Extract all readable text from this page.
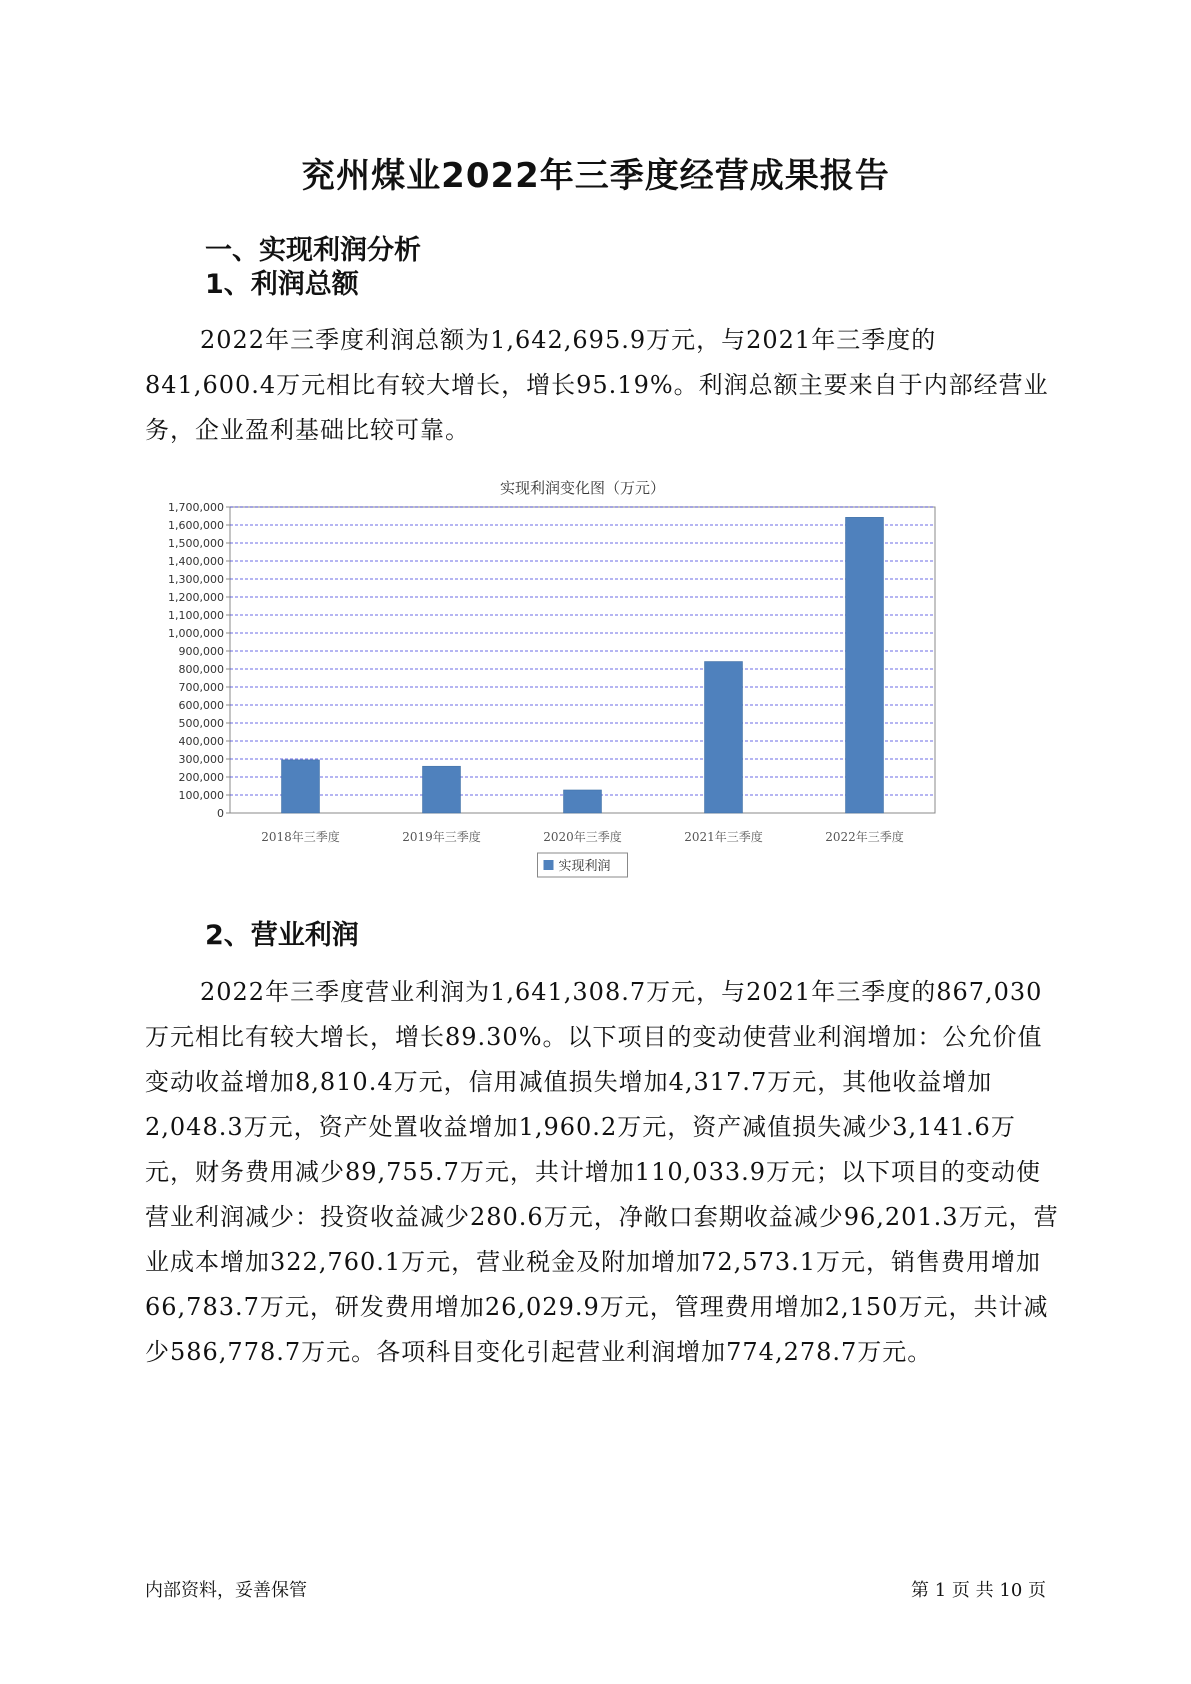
兖州煤业2022年三季度经营成果报告
一、实现利润分析
1、利润总额

2022年三季度利润总额为1,642,695.9万元，与2021年三季度的841,600.4万元相比有较大增长，增长95.19%。利润总额主要来自于内部经营业务，企业盈利基础比较可靠。

实现利润变化图（万元）
0
100,000
200,000
300,000
400,000
500,000
600,000
700,000
800,000
900,000
1,000,000
1,100,000
1,200,000
1,300,000
1,400,000
1,500,000
1,600,000
1,700,000
2018年三季度	2019年三季度	2020年三季度	2021年三季度	2022年三季度
实现利润
2、营业利润

2022年三季度营业利润为1,641,308.7万元，与2021年三季度的867,030万元相比有较大增长，增长89.30%。以下项目的变动使营业利润增加：公允价值变动收益增加8,810.4万元，信用减值损失增加4,317.7万元，其他收益增加2,048.3万元，资产处置收益增加1,960.2万元，资产减值损失减少3,141.6万元，财务费用减少89,755.7万元，共计增加110,033.9万元；以下项目的变动使营业利润减少：投资收益减少280.6万元，净敞口套期收益减少96,201.3万元，营业成本增加322,760.1万元，营业税金及附加增加72,573.1万元，销售费用增加66,783.7万元，研发费用增加26,029.9万元，管理费用增加2,150万元，共计减少586,778.7万元。各项科目变化引起营业利润增加774,278.7万元。

内部资料，妥善保管	第 1 页 共 10 页
